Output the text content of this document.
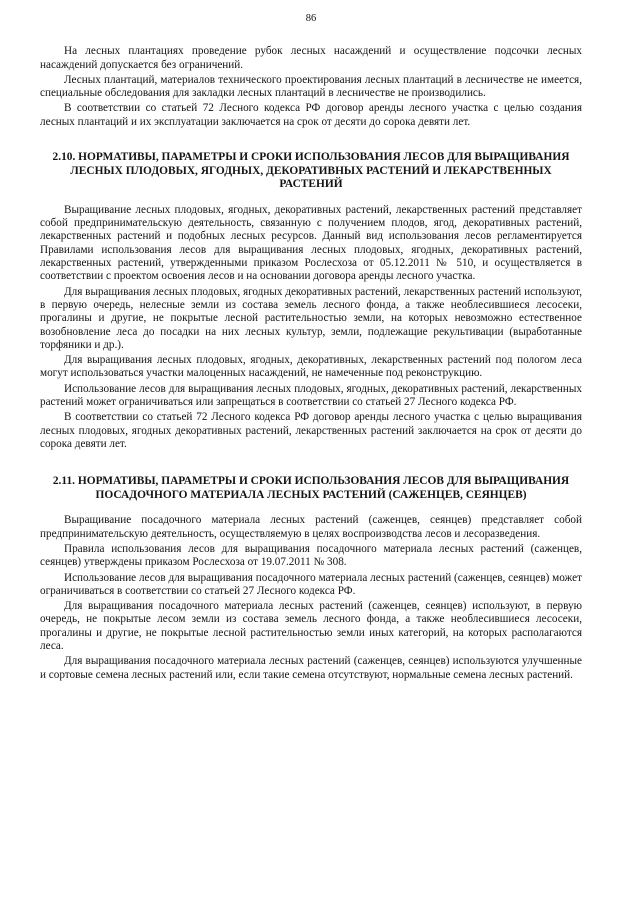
86

На лесных плантациях проведение рубок лесных насаждений и осуществление подсочки лесных насаждений допускается без ограничений.

Лесных плантаций, материалов технического проектирования лесных плантаций в лесничестве не имеется, специальные обследования для закладки лесных плантаций в лесничестве не производились.

В соответствии со статьей 72 Лесного кодекса РФ договор аренды лесного участка с целью создания лесных плантаций и их эксплуатации заключается на срок от десяти до сорока девяти лет.

2.10. НОРМАТИВЫ, ПАРАМЕТРЫ И СРОКИ ИСПОЛЬЗОВАНИЯ ЛЕСОВ ДЛЯ ВЫРАЩИВАНИЯ ЛЕСНЫХ ПЛОДОВЫХ, ЯГОДНЫХ, ДЕКОРАТИВНЫХ РАСТЕНИЙ И ЛЕКАРСТВЕННЫХ РАСТЕНИЙ

Выращивание лесных плодовых, ягодных, декоративных растений, лекарственных растений представляет собой предпринимательскую деятельность, связанную с получением плодов, ягод, декоративных растений, лекарственных растений и подобных лесных ресурсов. Данный вид использования лесов регламентируется Правилами использования лесов для выращивания лесных плодовых, ягодных, декоративных растений, лекарственных растений, утвержденными приказом Рослесхоза от 05.12.2011 № 510, и осуществляется в соответствии с проектом освоения лесов и на основании договора аренды лесного участка.

Для выращивания лесных плодовых, ягодных декоративных растений, лекарственных растений используют, в первую очередь, нелесные земли из состава земель лесного фонда, а также необлесившиеся лесосеки, прогалины и другие, не покрытые лесной растительностью земли, на которых невозможно естественное возобновление леса до посадки на них лесных культур, земли, подлежащие рекультивации (выработанные торфяники и др.).

Для выращивания лесных плодовых, ягодных, декоративных, лекарственных растений под пологом леса могут использоваться участки малоценных насаждений, не намеченные под реконструкцию.

Использование лесов для выращивания лесных плодовых, ягодных, декоративных растений, лекарственных растений может ограничиваться или запрещаться в соответствии со статьей 27 Лесного кодекса РФ.

В соответствии со статьей 72 Лесного кодекса РФ договор аренды лесного участка с целью выращивания лесных плодовых, ягодных декоративных растений, лекарственных растений заключается на срок от десяти до сорока девяти лет.

2.11. НОРМАТИВЫ, ПАРАМЕТРЫ И СРОКИ ИСПОЛЬЗОВАНИЯ ЛЕСОВ ДЛЯ ВЫРАЩИВАНИЯ ПОСАДОЧНОГО МАТЕРИАЛА ЛЕСНЫХ РАСТЕНИЙ (САЖЕНЦЕВ, СЕЯНЦЕВ)

Выращивание посадочного материала лесных растений (саженцев, сеянцев) представляет собой предпринимательскую деятельность, осуществляемую в целях воспроизводства лесов и лесоразведения.

Правила использования лесов для выращивания посадочного материала лесных растений (саженцев, сеянцев) утверждены приказом Рослесхоза от 19.07.2011 № 308.

Использование лесов для выращивания посадочного материала лесных растений (саженцев, сеянцев) может ограничиваться в соответствии со статьей 27 Лесного кодекса РФ.

Для выращивания посадочного материала лесных растений (саженцев, сеянцев) используют, в первую очередь, не покрытые лесом земли из состава земель лесного фонда, а также необлесившиеся лесосеки, прогалины и другие, не покрытые лесной растительностью земли иных категорий, на которых располагаются леса.

Для выращивания посадочного материала лесных растений (саженцев, сеянцев) используются улучшенные и сортовые семена лесных растений или, если такие семена отсутствуют, нормальные семена лесных растений.
